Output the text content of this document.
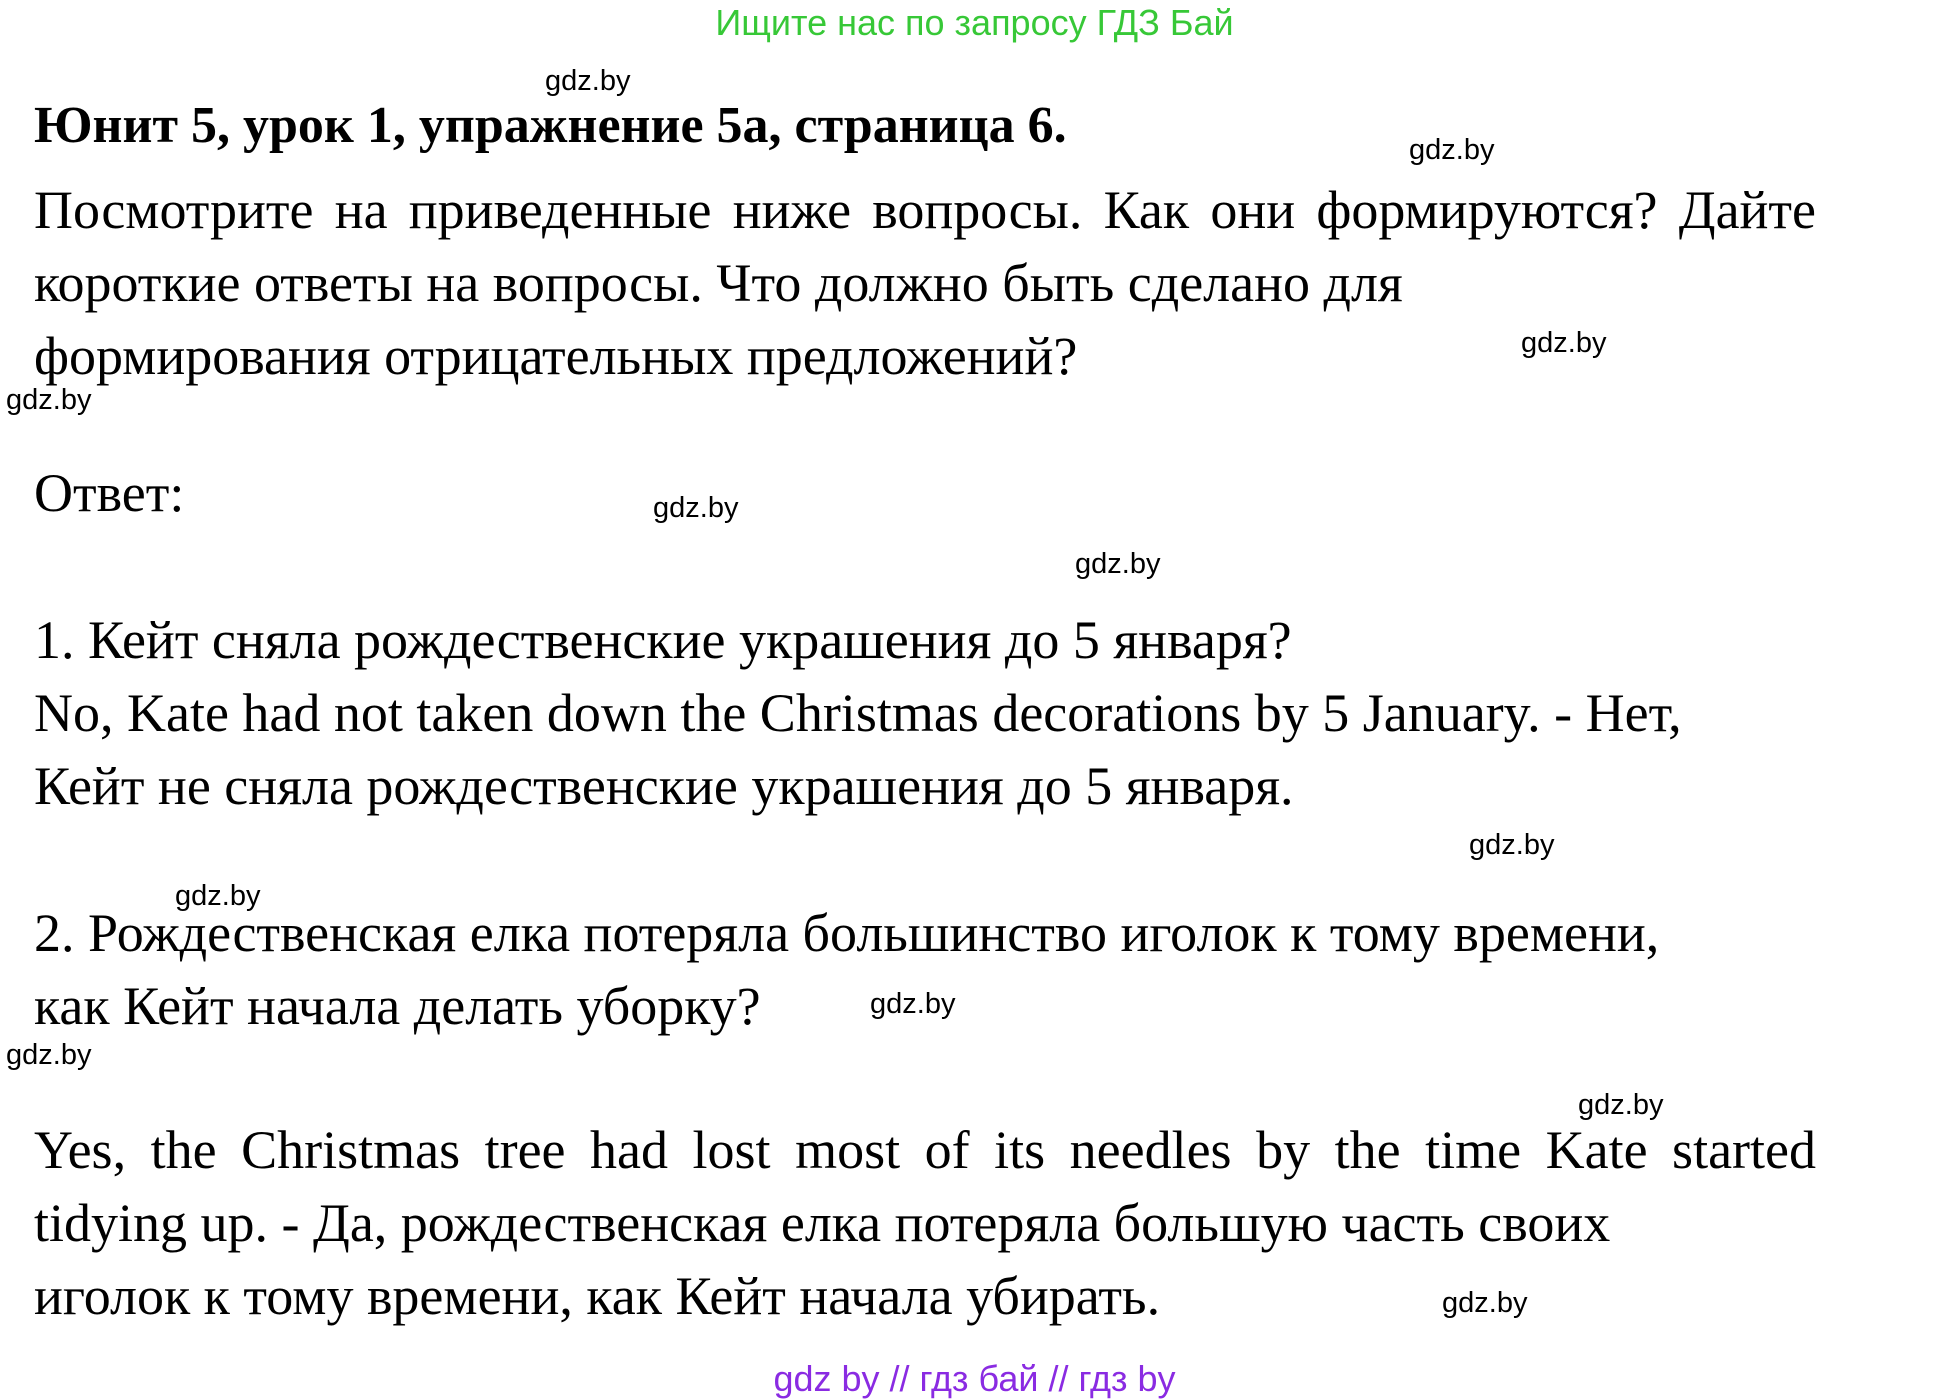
Ищите нас по запросу ГДЗ Бай
Юнит 5, урок 1, упражнение 5а, страница 6.
Посмотрите на приведенные ниже вопросы. Как они формируются? Дайте короткие ответы на вопросы. Что должно быть сделано для
формирования отрицательных предложений?
Ответ:
1. Кейт сняла рождественские украшения до 5 января?
No, Kate had not taken down the Christmas decorations by 5 January. - Нет,
Кейт не сняла рождественские украшения до 5 января.
2. Рождественская елка потеряла большинство иголок к тому времени,
как Кейт начала делать уборку?
Yes, the Christmas tree had lost most of its needles by the time Kate started tidying up. - Да, рождественская елка потеряла большую часть своих
иголок к тому времени, как Кейт начала убирать.
gdz.by
gdz.by
gdz.by
gdz.by
gdz.by
gdz.by
gdz.by
gdz.by
gdz.by
gdz.by
gdz.by
gdz.by
gdz by // гдз бай // гдз by
